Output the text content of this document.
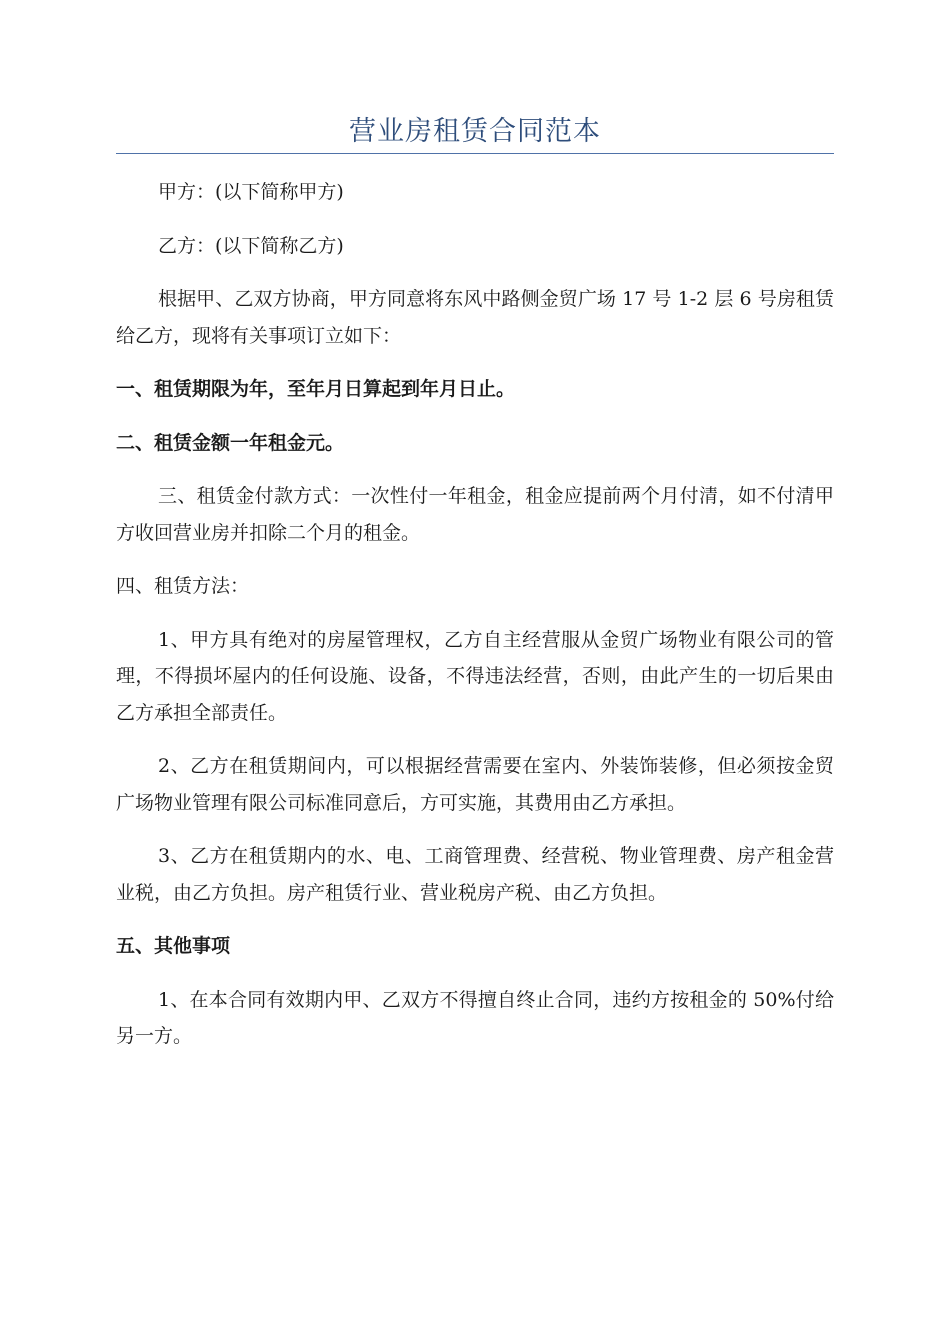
营业房租赁合同范本

甲方：(以下简称甲方)

乙方：(以下简称乙方)

根据甲、乙双方协商，甲方同意将东风中路侧金贸广场 17 号 1-2 层 6 号房租赁给乙方，现将有关事项订立如下：

一、租赁期限为年，至年月日算起到年月日止。

二、租赁金额一年租金元。

三、租赁金付款方式：一次性付一年租金，租金应提前两个月付清，如不付清甲方收回营业房并扣除二个月的租金。

四、租赁方法：

1、甲方具有绝对的房屋管理权，乙方自主经营服从金贸广场物业有限公司的管理，不得损坏屋内的任何设施、设备，不得违法经营，否则，由此产生的一切后果由乙方承担全部责任。

2、乙方在租赁期间内，可以根据经营需要在室内、外装饰装修，但必须按金贸广场物业管理有限公司标准同意后，方可实施，其费用由乙方承担。

3、乙方在租赁期内的水、电、工商管理费、经营税、物业管理费、房产租金营业税，由乙方负担。房产租赁行业、营业税房产税、由乙方负担。

五、其他事项

1、在本合同有效期内甲、乙双方不得擅自终止合同，违约方按租金的 50%付给另一方。
